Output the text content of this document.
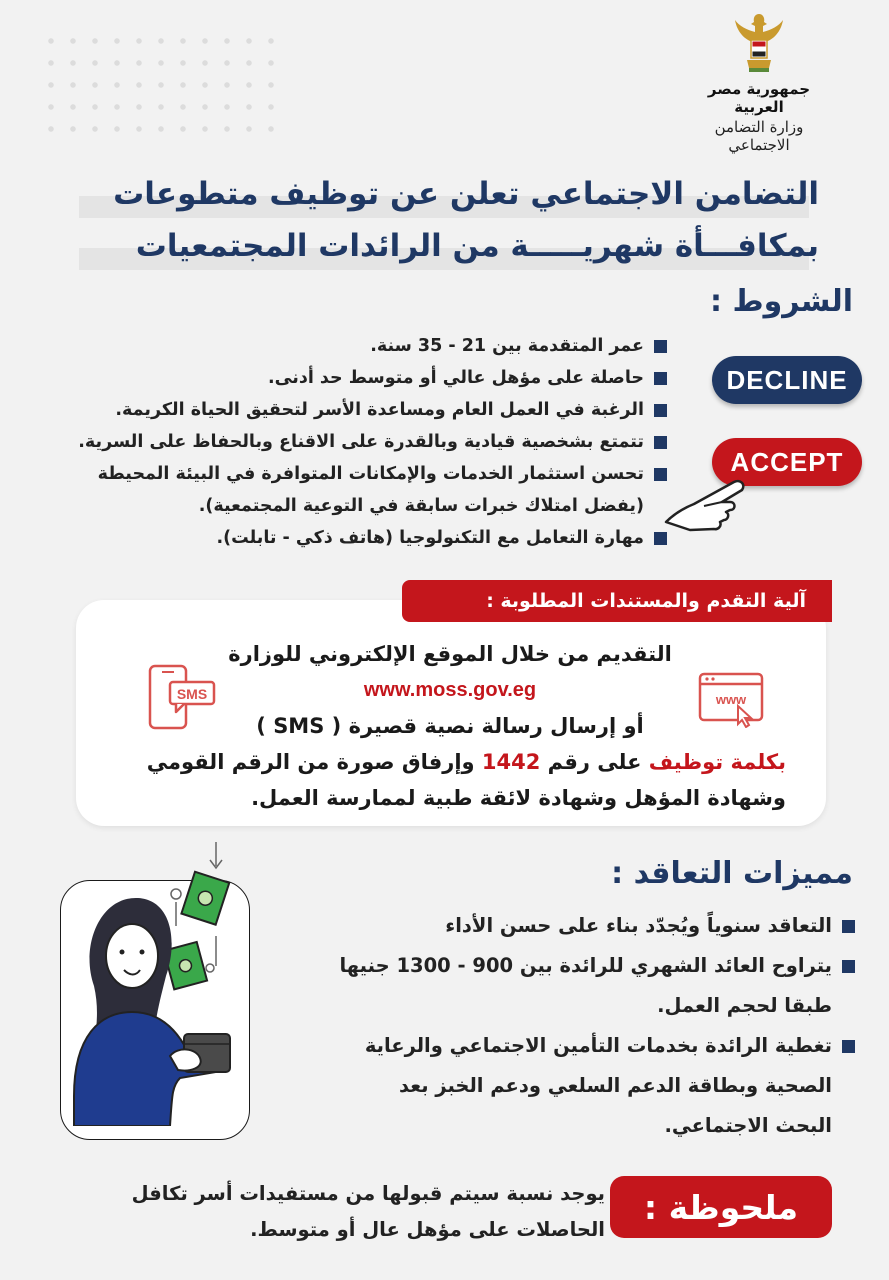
جمهورية مصر العربية
وزارة التضامن الاجتماعي
التضامن الاجتماعي تعلن عن توظيف متطوعات
بمكافـــأة شهريـــــة من الرائدات المجتمعيات
الشروط :
عمر المتقدمة بين 21 - 35 سنة.
حاصلة على مؤهل عالي أو متوسط حد أدنى.
الرغبة في العمل العام ومساعدة الأسر لتحقيق الحياة الكريمة.
تتمتع بشخصية قيادية وبالقدرة على الاقناع وبالحفاظ على السرية.
تحسن استثمار الخدمات والإمكانات المتوافرة في البيئة المحيطة
(يفضل امتلاك خبرات سابقة في التوعية المجتمعية).
مهارة التعامل مع التكنولوجيا (هاتف ذكي - تابلت).
DECLINE
ACCEPT
آلية التقدم والمستندات المطلوبة :
SMS	www
التقديم من خلال الموقع الإلكتروني للوزارة
www.moss.gov.eg
أو إرسال رسالة نصية قصيرة ( SMS )
بكلمة توظيف على رقم 1442 وإرفاق صورة من الرقم القومي
وشهادة المؤهل وشهادة لائقة طبية لممارسة العمل.
مميزات التعاقد :
التعاقد سنوياً ويُجدّد بناء على حسن الأداء
يتراوح العائد الشهري للرائدة بين 900 - 1300 جنيها
طبقا لحجم العمل.
تغطية الرائدة بخدمات التأمين الاجتماعي والرعاية
الصحية وبطاقة الدعم السلعي ودعم الخبز بعد
البحث الاجتماعي.
ملحوظة :
يوجد نسبة سيتم قبولها من مستفيدات أسر تكافل
الحاصلات على مؤهل عال أو متوسط.
